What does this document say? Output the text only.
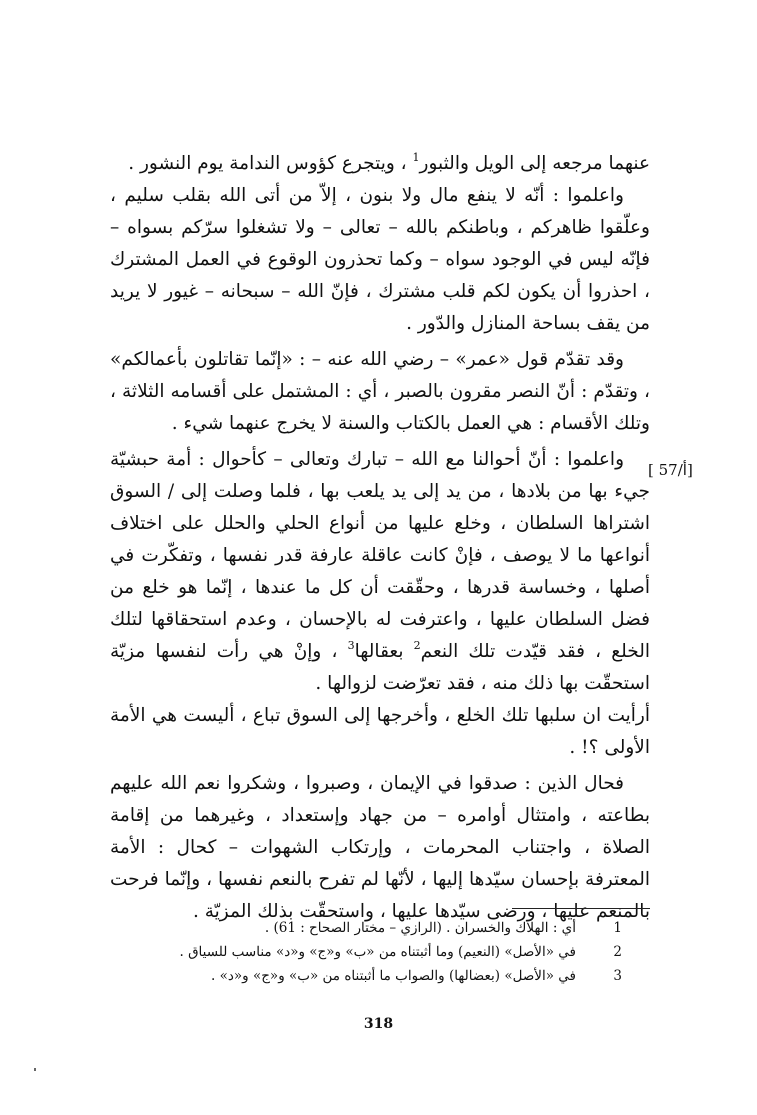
عنهما مرجعه إلى الويل والثبور$^1$ ، ويتجرع كؤوس الندامة يوم النشور .

واعلموا : أنّه لا ينفع مال ولا بنون ، إلاّ من أتى الله بقلب سليم ، وعلّقوا ظاهركم ، وباطنكم بالله – تعالى – ولا تشغلوا سرّكم بسواه – فإنّه ليس في الوجود سواه – وكما تحذرون الوقوع في العمل المشترك ، احذروا أن يكون لكم قلب مشترك ، فإنّ الله – سبحانه – غيور لا يريد من يقف بساحة المنازل والدّور .

وقد تقدّم قول «عمر» – رضي الله عنه – : «إنّما تقاتلون بأعمالكم» ، وتقدّم : أنّ النصر مقرون بالصبر ، أي : المشتمل على أقسامه الثلاثة ، وتلك الأقسام : هي العمل بالكتاب والسنة لا يخرج عنهما شيء .

واعلموا : أنّ أحوالنا مع الله – تبارك وتعالى – كأحوال : أمة حبشيّة جيء بها من بلادها ، من يد إلى يد يلعب بها ، فلما وصلت إلى / السوق اشتراها السلطان ، وخلع عليها من أنواع الحلي والحلل على اختلاف أنواعها ما لا يوصف ، فإنْ كانت عاقلة عارفة قدر نفسها ، وتفكّرت في أصلها ، وخساسة قدرها ، وحقّقت أن كل ما عندها ، إنّما هو خلع من فضل السلطان عليها ، واعترفت له بالإحسان ، وعدم استحقاقها لتلك الخلع ، فقد قيّدت تلك النعم$^2$ بعقالها$^3$ ، وإنْ هي رأت لنفسها مزيّة استحقّت بها ذلك منه ، فقد تعرّضت لزوالها .

أرأيت ان سلبها تلك الخلع ، وأخرجها إلى السوق تباع ، أليست هي الأمة الأولى ؟! .

فحال الذين : صدقوا في الإيمان ، وصبروا ، وشكروا نعم الله عليهم بطاعته ، وامتثال أوامره – من جهاد وإستعداد ، وغيرهما من إقامة الصلاة ، واجتناب المحرمات ، وإرتكاب الشهوات – كحال : الأمة المعترفة بإحسان سيّدها إليها ، لأنّها لم تفرح بالنعم نفسها ، وإنّما فرحت بالمنعم عليها ، ورضى سيّدها عليها ، واستحقّت بذلك المزيّة .

[ 57/أ]
1
أي : الهلاك والخسران . (الرازي – مختار الصحاح : 61) .
2
في «الأصل» (النعيم) وما أثبتناه من «ب» و«ج» و«د» مناسب للسياق .
3
في «الأصل» (بعضالها) والصواب ما أثبتناه من «ب» و«ج» و«د» .
318
